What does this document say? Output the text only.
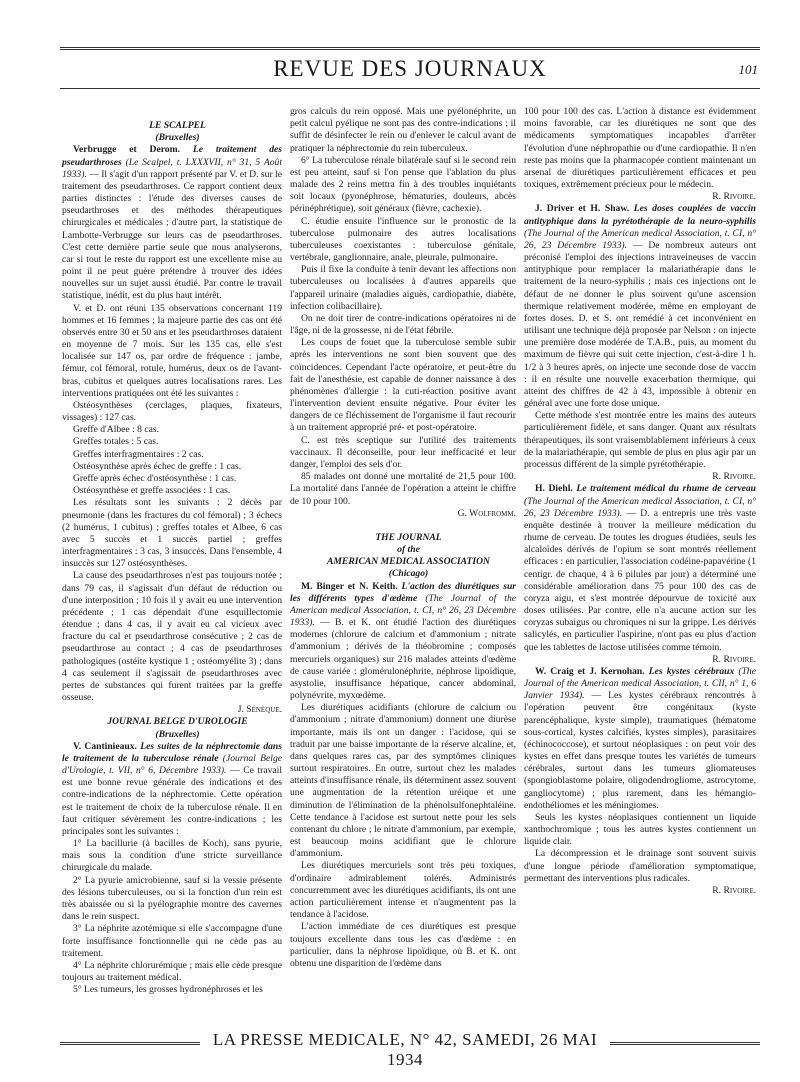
REVUE DES JOURNAUX	101

LE SCALPEL

(Bruxelles)

Verbrugge et Derom. Le traitement des pseudarthroses (Le Scalpel, t. LXXXVII, n° 31, 5 Août 1933). — Il s'agit d'un rapport présenté par V. et D. sur le traitement des pseudarthroses. Ce rapport contient deux parties distinctes : l'étude des diverses causes de pseudarthroses et des méthodes thérapeutiques chirurgicales et médicales ; d'autre part, la statistique de Lambotte-Verbrugge sur leurs cas de pseudarthroses. C'est cette dernière partie seule que nous analyserons, car si tout le reste du rapport est une excellente mise au point il ne peut guère prétendre à trouver des idées nouvelles sur un sujet aussi étudié. Par contre le travail statistique, inédit, est du plus haut intérêt.

V. et D. ont réuni 135 observations concernant 119 hommes et 16 femmes ; la majeure partie des cas ont été observés entre 30 et 50 ans et les pseudarthroses dataient en moyenne de 7 mois. Sur les 135 cas, elle s'est localisée sur 147 os, par ordre de fréquence : jambe, fémur, col fémoral, rotule, humérus, deux os de l'avant-bras, cubitus et quelques autres localisations rares. Les interventions pratiquées ont été les suivantes :

Ostéosynthèses (cerclages, plaques, fixateurs, vissages) : 127 cas.

Greffe d'Albee : 8 cas.

Greffes totales : 5 cas.

Greffes interfragmentaires : 2 cas.

Ostéosynthèse après échec de greffe : 1 cas.

Greffe après échec d'ostéosynthèse : 1 cas.

Ostéosynthèse et greffe associées : 1 cas.

Les résultats sont les suivants : 2 décès par pneumonie (dans les fractures du col fémoral) ; 3 échecs (2 humérus, 1 cubitus) ; greffes totales et Albee, 6 cas avec 5 succès et 1 succès partiel ; greffes interfragmentaires : 3 cas, 3 insuccès. Dans l'ensemble, 4 insuccès sur 127 ostéosynthèses.

La cause des pseudarthroses n'est pas toujours notée ; dans 79 cas, il s'agissait d'un défaut de réduction ou d'une interposition ; 10 fois il y avait eu une intervention précédente ; 1 cas dépendait d'une esquillectomie étendue ; dans 4 cas, il y avait eu cal vicieux avec fracture du cal et pseudarthrose consécutive ; 2 cas de pseudarthrose au contact ; 4 cas de pseudarthroses pathologiques (ostéite kystique 1 ; ostéomyélite 3) ; dans 4 cas seulement il s'agissait de pseudarthroses avec pertes de substances qui furent traitées par la greffe osseuse.

J. Sénèque.

JOURNAL BELGE D'UROLOGIE

(Bruxelles)

V. Cantinieaux. Les suites de la néphrectomie dans le traitement de la tuberculose rénale (Journal Belge d'Urologie, t. VII, n° 6, Décembre 1933). — Ce travail est une bonne revue générale des indications et des contre-indications de la néphrectomie. Cette opération est le traitement de choix de la tuberculose rénale. Il en faut critiquer sévèrement les contre-indications ; les principales sont les suivantes :

1° La bacillurie (à bacilles de Koch), sans pyurie, mais sous la condition d'une stricte surveillance chirurgicale du malade.

2° La pyurie amicrobienne, sauf si la vessie présente des lésions tuberculeuses, ou si la fonction d'un rein est très abaissée ou si la pyélographie montre des cavernes dans le rein suspect.

3° La néphrite azotémique si elle s'accompagne d'une forte insuffisance fonctionnelle qui ne cède pas au traitement.

4° La néphrite chlorurémique ; mais elle cède presque toujours au traitement médical.

5° Les tumeurs, les grosses hydronéphroses et les

gros calculs du rein opposé. Mais une pyélonéphrite, un petit calcul pyélique ne sont pas des contre-indications ; il suffit de désinfecter le rein ou d'enlever le calcul avant de pratiquer la néphrectomie du rein tuberculeux.

6° La tuberculose rénale bilatérale sauf si le second rein est peu atteint, sauf si l'on pense que l'ablation du plus malade des 2 reins mettra fin à des troubles inquiétants soit locaux (pyonéphrose, hématuries, douleurs, abcès périnéphrétique), soit généraux (fièvre, cachexie).

C. étudie ensuite l'influence sur le pronostic de la tuberculose pulmonaire des autres localisations tuberculeuses coexistantes : tuberculose génitale, vertébrale, ganglionnaire, anale, pleurale, pulmonaire.

Puis il fixe la conduite à tenir devant les affections non tuberculeuses ou localisées à d'autres appareils que l'appareil urinaire (maladies aiguës, cardiopathie, diabète, infection colibacillaire).

On ne doit tirer de contre-indications opératoires ni de l'âge, ni de la grossesse, ni de l'état fébrile.

Les coups de fouet que la tuberculose semble subir après les interventions ne sont bien souvent que des coïncidences. Cependant l'acte opératoire, et peut-être du fait de l'anesthésie, est capable de donner naissance à des phénomènes d'allergie : la cuti-réaction positive avant l'intervention devient ensuite négative. Pour éviter les dangers de ce fléchissement de l'organisme il faut recourir à un traitement approprié pré- et post-opératoire.

C. est très sceptique sur l'utilité des traitements vaccinaux. Il déconseille, pour leur inefficacité et leur danger, l'emploi des sels d'or.

85 malades ont donné une mortalité de 21,5 pour 100. La mortalité dans l'année de l'opération a atteint le chiffre de 10 pour 100.

G. Wolfromm.

THE JOURNAL

of the

AMERICAN MEDICAL ASSOCIATION

(Chicago)

M. Binger et N. Keith. L'action des diurétiques sur les différents types d'œdème (The Journal of the American medical Association, t. CI, n° 26, 23 Décembre 1933). — B. et K. ont étudié l'action des diurétiques modernes (chlorure de calcium et d'ammonium ; nitrate d'ammonium ; dérivés de la théobromine ; composés mercuriels organiques) sur 216 malades atteints d'œdème de cause variée : glomérulonéphrite, néphrose lipoïdique, asystolie, insuffisance hépatique, cancer abdominal, polynévrite, myxœdème.

Les diurétiques acidifiants (chlorure de calcium ou d'ammonium ; nitrate d'ammonium) donnent une diurèse importante, mais ils ont un danger : l'acidose, qui se traduit par une baisse importante de la réserve alcaline, et, dans quelques rares cas, par des symptômes cliniques surtout respiratoires. En outre, surtout chez les malades atteints d'insuffisance rénale, ils déterminent assez souvent une augmentation de la rétention uréique et une diminution de l'élimination de la phénolsulfonephtaléine. Cette tendance à l'acidose est surtout nette pour les sels contenant du chlore ; le nitrate d'ammonium, par exemple, est beaucoup moins acidifiant que le chlorure d'ammonium.

Les diurétiques mercuriels sont très peu toxiques, d'ordinaire admirablement tolérés. Administrés concurremment avec les diurétiques acidifiants, ils ont une action particulièrement intense et n'augmentent pas la tendance à l'acidose.

L'action immédiate de ces diurétiques est presque toujours excellente dans tous les cas d'œdème : en particulier, dans la néphrose lipoïdique, où B. et K. ont obtenu une disparition de l'œdème dans

100 pour 100 des cas. L'action à distance est évidemment moins favorable, car les diurétiques ne sont que des médicaments symptomatiques incapables d'arrêter l'évolution d'une néphropathie ou d'une cardiopathie. Il n'en reste pas moins que la pharmacopée contient maintenant un arsenal de diurétiques particulièrement efficaces et peu toxiques, extrêmement précieux pour le médecin.

R. Rivoire.

J. Driver et H. Shaw. Les doses couplées de vaccin antityphique dans la pyrétothérapie de la neuro-syphilis (The Journal of the American medical Association, t. CI, n° 26, 23 Décembre 1933). — De nombreux auteurs ont préconisé l'emploi des injections intraveineuses de vaccin antityphique pour remplacer la malariathérapie dans le traitement de la neuro-syphilis ; mais ces injections ont le défaut de ne donner le plus souvent qu'une ascension thermique relativement modérée, même en employant de fortes doses. D. et S. ont remédié à cet inconvénient en utilisant une technique déjà proposée par Nelson : on injecte une première dose modérée de T.A.B., puis, au moment du maximum de fièvre qui suit cette injection, c'est-à-dire 1 h. 1/2 à 3 heures après, on injecte une seconde dose de vaccin : il en résulte une nouvelle exacerbation thermique, qui atteint des chiffres de 42 à 43, impossible à obtenir en général avec une forte dose unique.

Cette méthode s'est montrée entre les mains des auteurs particulièrement fidèle, et sans danger. Quant aux résultats thérapeutiques, ils sont vraisemblablement inférieurs à ceux de la malariathérapie, qui semble de plus en plus agir par un processus différent de la simple pyrétothérapie.

R. Rivoire.

H. Diehl. Le traitement médical du rhume de cerveau (The Journal of the American medical Association, t. CI, n° 26, 23 Décembre 1933). — D. a entrepris une très vaste enquête destinée à trouver la meilleure médication du rhume de cerveau. De toutes les drogues étudiées, seuls les alcaloïdes dérivés de l'opium se sont montrés réellement efficaces : en particulier, l'association codéine-papavérine (1 centigr. de chaque, 4 à 6 pilules par jour) a déterminé une considérable amélioration dans 75 pour 100 des cas de coryza aigu, et s'est montrée dépourvue de toxicité aux doses utilisées. Par contre, elle n'a aucune action sur les coryzas subaigus ou chroniques ni sur la grippe. Les dérivés salicylés, en particulier l'aspirine, n'ont pas eu plus d'action que les tablettes de lactose utilisées comme témoin.

R. Rivoire.

W. Craig et J. Kernohan. Les kystes cérébraux (The Journal of the American medical Association, t. CII, n° 1, 6 Janvier 1934). — Les kystes cérébraux rencontrés à l'opération peuvent être congénitaux (kyste parencéphalique, kyste simple), traumatiques (hématome sous-cortical, kystes calcifiés, kystes simples), parasitaires (échinococcose), et surtout néoplasiques : on peut voir des kystes en effet dans presque toutes les variétés de tumeurs cérébrales, surtout dans les tumeurs gliomateuses (spongioblastome polaire, oligodendrogliome, astrocytome, gangliocytome) ; plus rarement, dans les hémangio-endothéliomes et les méningiomes.

Seuls les kystes néoplasiques contiennent un liquide xanthochromique ; tous les autres kystes contiennent un liquide clair.

La décompression et le drainage sont souvent suivis d'une longue période d'amélioration symptomatique, permettant des interventions plus radicales.

R. Rivoire.

LA PRESSE MEDICALE, N° 42, SAMEDI, 26 MAI 1934
